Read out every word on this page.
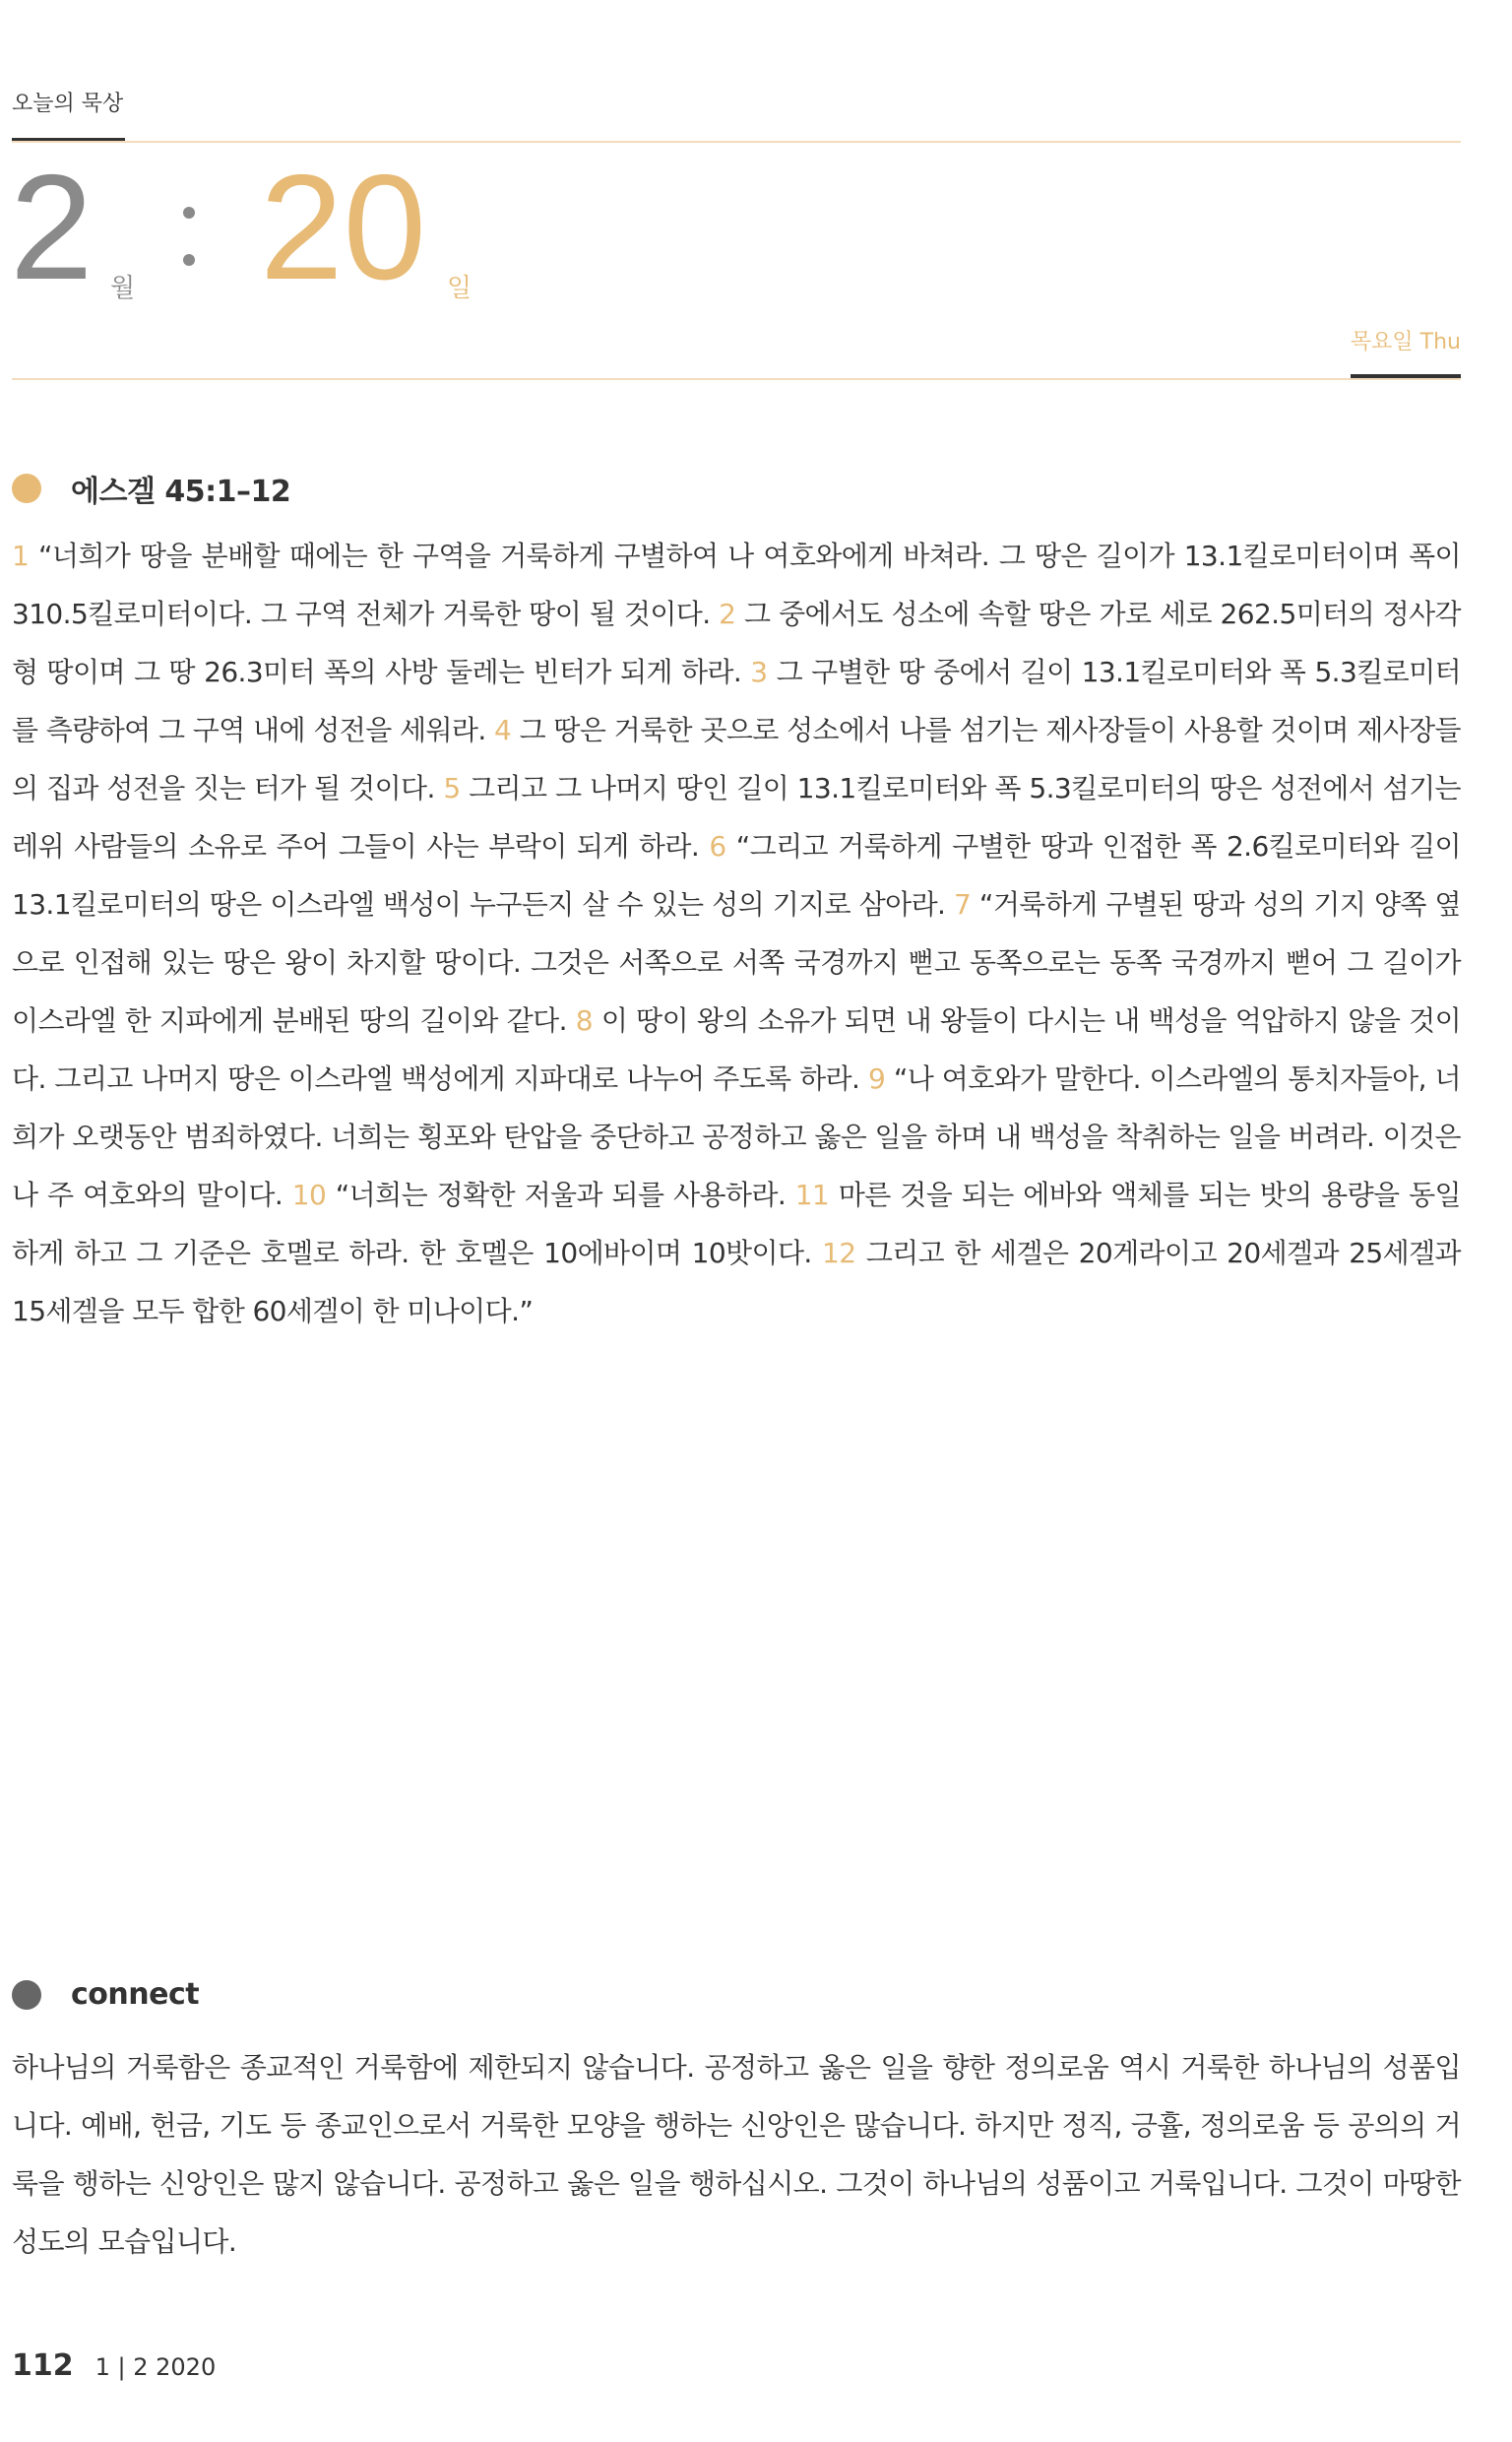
오늘의 묵상
2 월 20 일
목요일 Thu
에스겔 45:1–12
1 “너희가 땅을 분배할 때에는 한 구역을 거룩하게 구별하여 나 여호와에게 바쳐라. 그 땅은 길이가 13.1킬로미터이며 폭이 310.5킬로미터이다. 그 구역 전체가 거룩한 땅이 될 것이다. 2 그 중에서도 성소에 속할 땅은 가로 세로 262.5미터의 정사각형 땅이며 그 땅 26.3미터 폭의 사방 둘레는 빈터가 되게 하라. 3 그 구별한 땅 중에서 길이 13.1킬로미터와 폭 5.3킬로미터를 측량하여 그 구역 내에 성전을 세워라. 4 그 땅은 거룩한 곳으로 성소에서 나를 섬기는 제사장들이 사용할 것이며 제사장들의 집과 성전을 짓는 터가 될 것이다. 5 그리고 그 나머지 땅인 길이 13.1킬로미터와 폭 5.3킬로미터의 땅은 성전에서 섬기는 레위 사람들의 소유로 주어 그들이 사는 부락이 되게 하라. 6 “그리고 거룩하게 구별한 땅과 인접한 폭 2.6킬로미터와 길이 13.1킬로미터의 땅은 이스라엘 백성이 누구든지 살 수 있는 성의 기지로 삼아라. 7 “거룩하게 구별된 땅과 성의 기지 양쪽 옆으로 인접해 있는 땅은 왕이 차지할 땅이다. 그것은 서쪽으로 서쪽 국경까지 뻗고 동쪽으로는 동쪽 국경까지 뻗어 그 길이가 이스라엘 한 지파에게 분배된 땅의 길이와 같다. 8 이 땅이 왕의 소유가 되면 내 왕들이 다시는 내 백성을 억압하지 않을 것이다. 그리고 나머지 땅은 이스라엘 백성에게 지파대로 나누어 주도록 하라. 9 “나 여호와가 말한다. 이스라엘의 통치자들아, 너희가 오랫동안 범죄하였다. 너희는 횡포와 탄압을 중단하고 공정하고 옳은 일을 하며 내 백성을 착취하는 일을 버려라. 이것은 나 주 여호와의 말이다. 10 “너희는 정확한 저울과 되를 사용하라. 11 마른 것을 되는 에바와 액체를 되는 밧의 용량을 동일하게 하고 그 기준은 호멜로 하라. 한 호멜은 10에바이며 10밧이다. 12 그리고 한 세겔은 20게라이고 20세겔과 25세겔과 15세겔을 모두 합한 60세겔이 한 미나이다.”
connect
하나님의 거룩함은 종교적인 거룩함에 제한되지 않습니다. 공정하고 옳은 일을 향한 정의로움 역시 거룩한 하나님의 성품입니다. 예배, 헌금, 기도 등 종교인으로서 거룩한 모양을 행하는 신앙인은 많습니다. 하지만 정직, 긍휼, 정의로움 등 공의의 거룩을 행하는 신앙인은 많지 않습니다. 공정하고 옳은 일을 행하십시오. 그것이 하나님의 성품이고 거룩입니다. 그것이 마땅한 성도의 모습입니다.
112 1 | 2 2020
